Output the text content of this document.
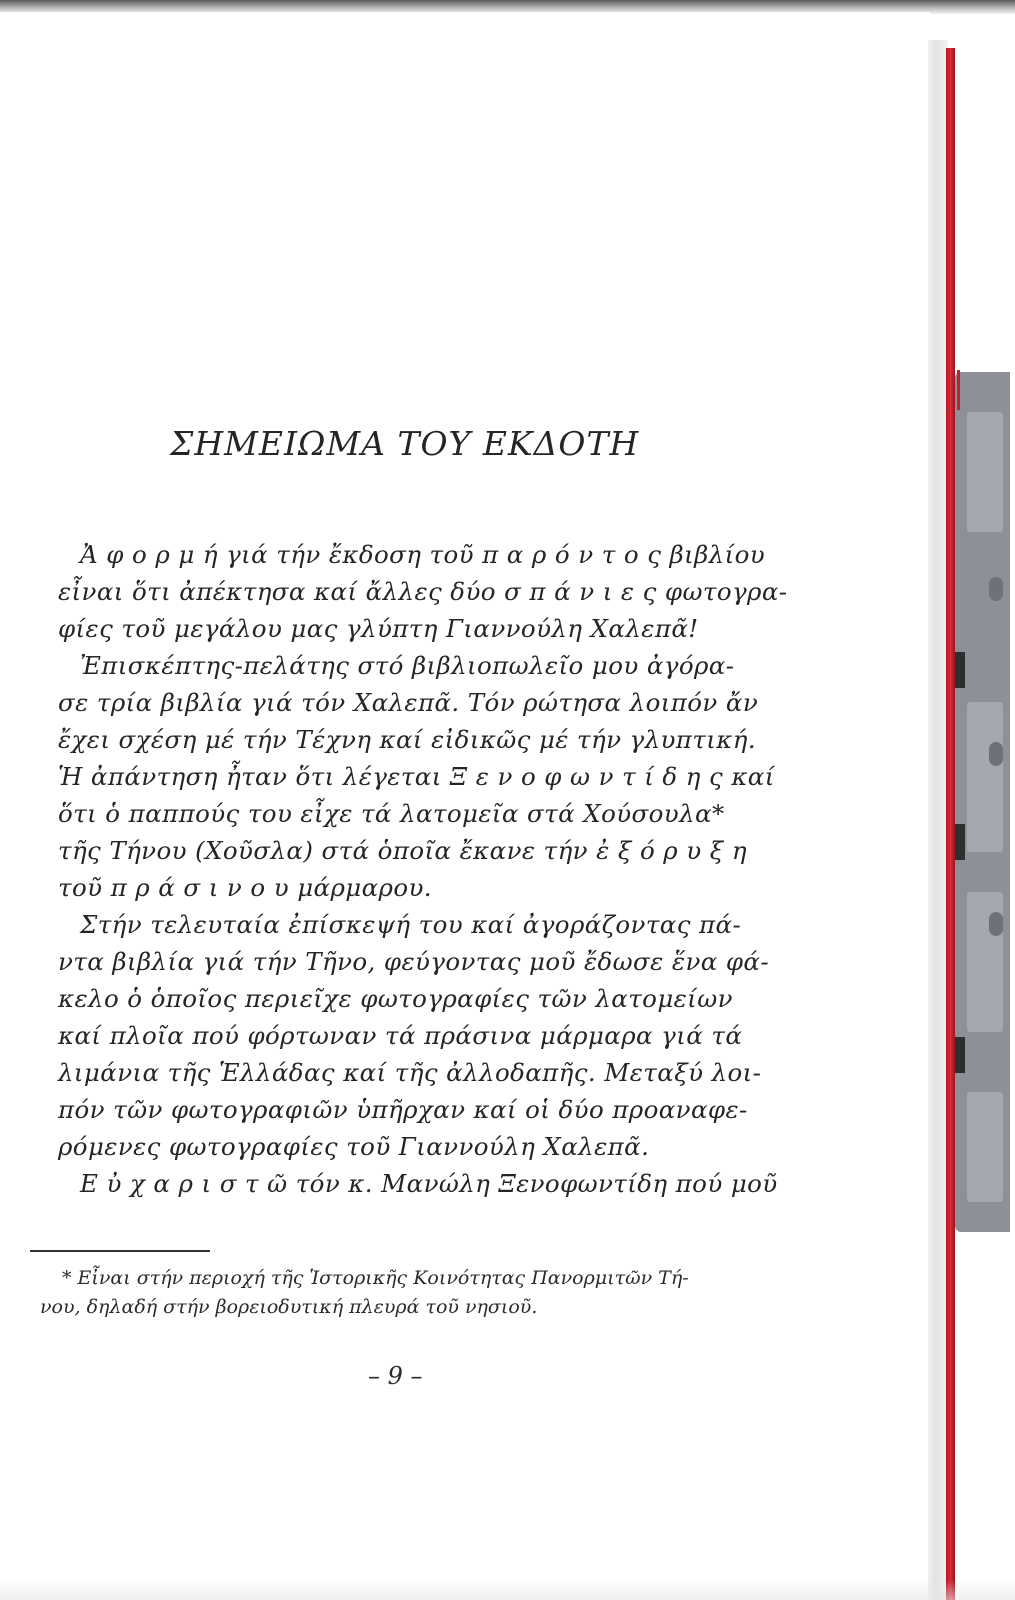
ΣΗΜΕΙΩΜΑ ΤΟΥ ΕΚΔΟΤΗ
Ἀ φ ο ρ μ ή γιά τήν ἔκδοση τοῦ π α ρ ό ν τ ο ς βιβλίου
εἶναι ὅτι ἀπέκτησα καί ἄλλες δύο σ π ά ν ι ε ς φωτογρα-
φίες τοῦ μεγάλου μας γλύπτη Γιαννούλη Χαλεπᾶ!
Ἐπισκέπτης-πελάτης στό βιβλιοπωλεῖο μου ἀγόρα-
σε τρία βιβλία γιά τόν Χαλεπᾶ. Τόν ρώτησα λοιπόν ἄν
ἔχει σχέση μέ τήν Τέχνη καί εἰδικῶς μέ τήν γλυπτική.
Ἡ ἀπάντηση ἦταν ὅτι λέγεται Ξ ε ν ο φ ω ν τ ί δ η ς καί
ὅτι ὁ παππούς του εἶχε τά λατομεῖα στά Χούσουλα*
τῆς Τήνου (Χοῦσλα) στά ὁποῖα ἔκανε τήν ἐ ξ ό ρ υ ξ η
τοῦ π ρ ά σ ι ν ο υ μάρμαρου.
Στήν τελευταία ἐπίσκεψή του καί ἀγοράζοντας πά-
ντα βιβλία γιά τήν Τῆνο, φεύγοντας μοῦ ἔδωσε ἕνα φά-
κελο ὁ ὁποῖος περιεῖχε φωτογραφίες τῶν λατομείων
καί πλοῖα πού φόρτωναν τά πράσινα μάρμαρα γιά τά
λιμάνια τῆς Ἑλλάδας καί τῆς ἀλλοδαπῆς. Μεταξύ λοι-
πόν τῶν φωτογραφιῶν ὑπῆρχαν καί οἱ δύο προαναφε-
ρόμενες φωτογραφίες τοῦ Γιαννούλη Χαλεπᾶ.
Ε ὐ χ α ρ ι σ τ ῶ τόν κ. Μανώλη Ξενοφωντίδη πού μοῦ
* Εἶναι στήν περιοχή τῆς Ἱστορικῆς Κοινότητας Πανορμιτῶν Τή-
νου, δηλαδή στήν βορειοδυτική πλευρά τοῦ νησιοῦ.
– 9 –
